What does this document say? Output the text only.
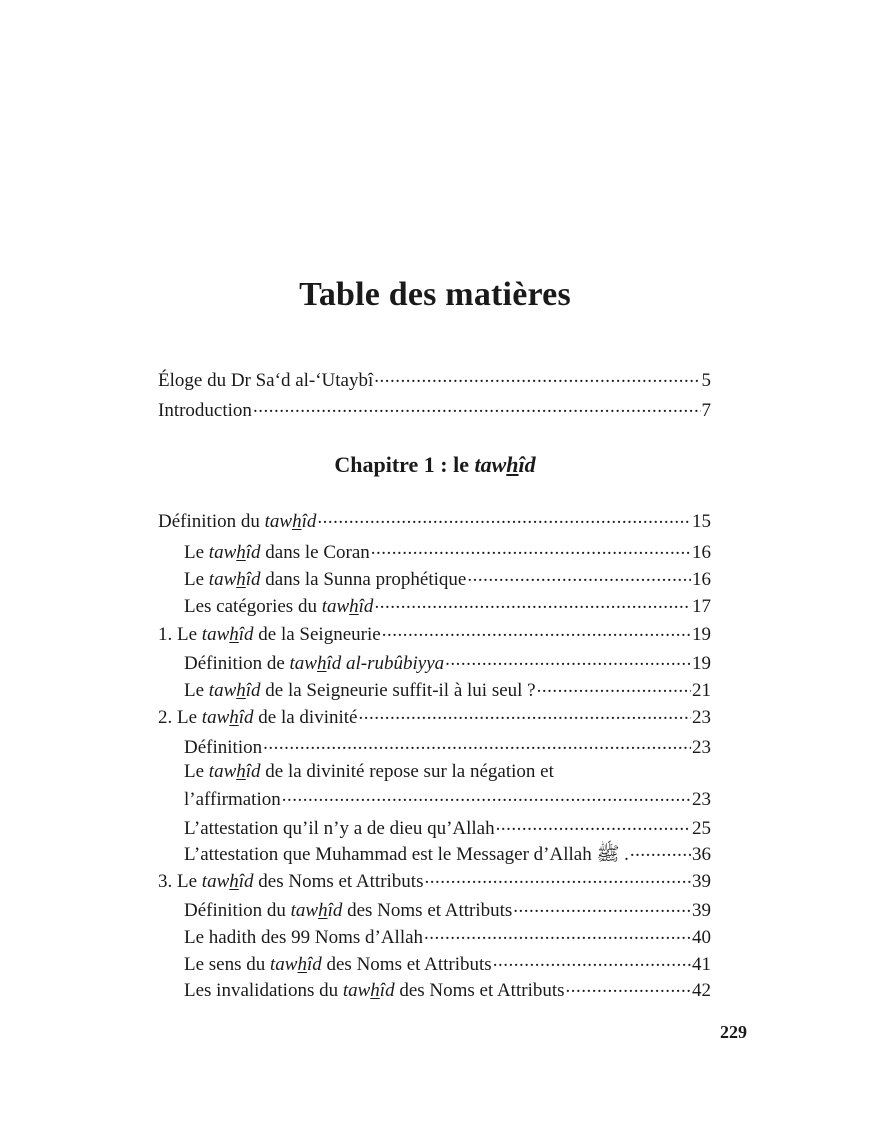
Table des matières
Éloge du Dr Sa‘d al-‘Utaybî .....	5
Introduction .....	7
Chapitre 1 : le tawhîd
Définition du tawhîd .....	15
Le tawhîd dans le Coran .....	16
Le tawhîd dans la Sunna prophétique .....	16
Les catégories du tawhîd .....	17
1. Le tawhîd de la Seigneurie .....	19
Définition de tawhîd al-rubûbiyya .....	19
Le tawhîd de la Seigneurie suffit-il à lui seul ? .....	21
2. Le tawhîd de la divinité .....	23
Définition .....	23
Le tawhîd de la divinité repose sur la négation et
l’affirmation .....	23
L’attestation qu’il n’y a de dieu qu’Allah .....	25
L’attestation que Muhammad est le Messager d’Allah ﷺ . .....	36
3. Le tawhîd des Noms et Attributs .....	39
Définition du tawhîd des Noms et Attributs .....	39
Le hadith des 99 Noms d’Allah .....	40
Le sens du tawhîd des Noms et Attributs .....	41
Les invalidations du tawhîd des Noms et Attributs .....	42
229
